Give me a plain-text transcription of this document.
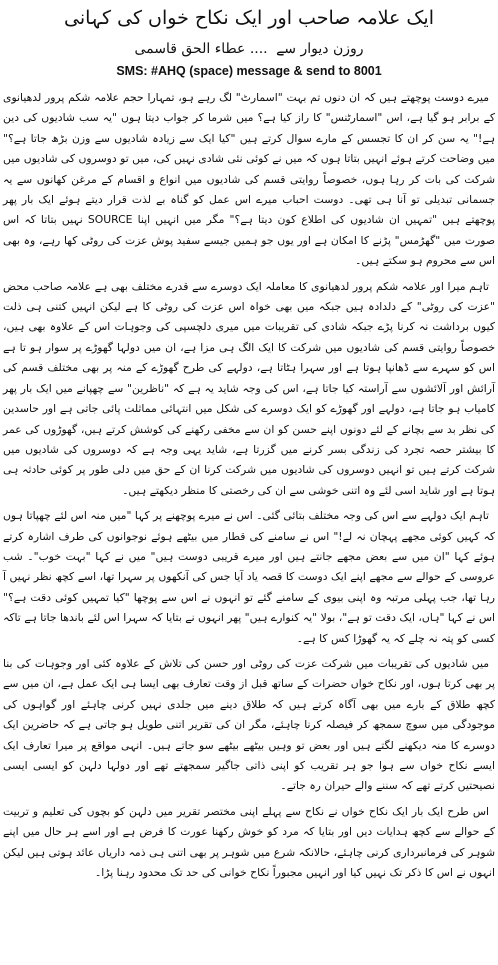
ایک علامہ صاحب اور ایک نکاح خواں کی کہانی
روزن دیوار سے .... عطاء الحق قاسمی
SMS: #AHQ (space) message & send to 8001

میرے دوست پوچھتے ہیں کہ ان دنوں تم بہت "اسمارٹ" لگ رہے ہو، تمہارا حجم علامہ شکم پرور لدھیانوی کے برابر ہو گیا ہے، اس "اسمارٹنس" کا راز کیا ہے؟ میں شرما کر جواب دیتا ہوں "یہ سب شادیوں کی دین ہے!" یہ سن کر ان کا تجسس کے مارے سوال کرتے ہیں "کیا ایک سے زیادہ شادیوں سے وزن بڑھ جاتا ہے؟" میں وضاحت کرتے ہوئے انہیں بتاتا ہوں کہ میں نے کوئی نئی شادی نہیں کی، میں تو دوسروں کی شادیوں میں شرکت کی بات کر رہا ہوں، خصوصاً روایتی قسم کی شادیوں میں انواع و اقسام کے مرغن کھانوں سے یہ جسمانی تبدیلی تو آنا ہی تھی۔ دوست احباب میرے اس عمل کو گناہ بے لذت قرار دیتے ہوئے ایک بار پھر پوچھتے ہیں "تمہیں ان شادیوں کی اطلاع کون دیتا ہے؟" مگر میں انہیں اپنا SOURCE نہیں بتاتا کہ اس صورت میں "گھڑمس" پڑنے کا امکان ہے اور یوں جو ہمیں جیسے سفید پوش عزت کی روٹی کھا رہے، وہ بھی اس سے محروم ہو سکتے ہیں۔

تاہم میرا اور علامہ شکم پرور لدھیانوی کا معاملہ ایک دوسرے سے قدرے مختلف بھی ہے علامہ صاحب محض "عزت کی روٹی" کے دلدادہ ہیں جبکہ میں بھی خواہ اس عزت کی روٹی کا ہے لیکن انہیں کتنی ہی ذلت کیوں برداشت نہ کرنا پڑے جبکہ شادی کی تقریبات میں میری دلچسپی کی وجوہات اس کے علاوہ بھی ہیں، خصوصاً روایتی قسم کی شادیوں میں شرکت کا ایک الگ ہی مزا ہے، ان میں دولہا گھوڑے پر سوار ہو تا ہے اس کو سہرے سے ڈھانپا ہوتا ہے اور سہرا ہٹاتا ہے، دولہے کی طرح گھوڑے کے منہ پر بھی مختلف قسم کی آرائش اور آلائشوں سے آراستہ کیا جاتا ہے، اس کی وجہ شاید یہ ہے کہ "ناظرین" سے چھپانے میں ایک بار پھر کامیاب ہو جاتا ہے، دولہے اور گھوڑے کو ایک دوسرے کی شکل میں انتہائی مماثلت پائی جاتی ہے اور حاسدین کی نظر بد سے بچانے کے لئے دونوں اپنے حسن کو ان سے مخفی رکھنے کی کوشش کرتے ہیں، گھوڑوں کی عمر کا بیشتر حصہ تجرد کی زندگی بسر کرنے میں گزرتا ہے، شاید یہی وجہ ہے کہ دوسروں کی شادیوں میں شرکت کرتے ہیں تو انہیں دوسروں کی شادیوں میں شرکت کرنا ان کے حق میں دلی طور پر کوئی حادثہ ہی ہوتا ہے اور شاید اسی لئے وہ اتنی خوشی سے ان کی رخصتی کا منظر دیکھتے ہیں۔

تاہم ایک دولہے سے اس کی وجہ مختلف بتائی گئی۔ اس نے میرے پوچھنے پر کہا "میں منہ اس لئے چھپاتا ہوں کہ کہیں کوئی مجھے پہچان نہ لے!" اس نے سامنے کی قطار میں بیٹھے ہوئے نوجوانوں کی طرف اشارہ کرتے ہوئے کہا "ان میں سے بعض مجھے جانتے ہیں اور میرے قریبی دوست ہیں" میں نے کہا "بہت خوب"۔ شب عروسی کے حوالے سے مجھے اپنے ایک دوست کا قصہ یاد آیا جس کی آنکھوں پر سہرا تھا، اسے کچھ نظر نہیں آ رہا تھا، جب پہلی مرتبہ وہ اپنی بیوی کے سامنے گئے تو انہوں نے اس سے پوچھا "کیا تمہیں کوئی دقت ہے؟" اس نے کہا "ہاں، ایک دقت تو ہے"، بولا "یہ کنوارے ہیں" پھر انہوں نے بتایا کہ سہرا اس لئے باندھا جاتا ہے تاکہ کسی کو پتہ نہ چلے کہ یہ گھوڑا کس کا ہے۔

میں شادیوں کی تقریبات میں شرکت عزت کی روٹی اور حسن کی تلاش کے علاوہ کئی اور وجوہات کی بنا پر بھی کرتا ہوں، اور نکاح خواں حضرات کے ساتھ قبل از وقت تعارف بھی ایسا ہی ایک عمل ہے، ان میں سے کچھ طلاق کے بارے میں بھی آگاہ کرتے ہیں کہ طلاق دینے میں جلدی نہیں کرنی چاہئے اور گواہوں کی موجودگی میں سوچ سمجھ کر فیصلہ کرنا چاہئے، مگر ان کی تقریر اتنی طویل ہو جاتی ہے کہ حاضرین ایک دوسرے کا منہ دیکھنے لگتے ہیں اور بعض تو وہیں بیٹھے بیٹھے سو جاتے ہیں۔ انہی مواقع پر میرا تعارف ایک ایسے نکاح خواں سے ہوا جو ہر تقریب کو اپنی ذاتی جاگیر سمجھتے تھے اور دولہا دلہن کو ایسی ایسی نصیحتیں کرتے تھے کہ سننے والے حیران رہ جاتے۔

اس طرح ایک بار ایک نکاح خواں نے نکاح سے پہلے اپنی مختصر تقریر میں دلہن کو بچوں کی تعلیم و تربیت کے حوالے سے کچھ ہدایات دیں اور بتایا کہ مرد کو خوش رکھنا عورت کا فرض ہے اور اسے ہر حال میں اپنے شوہر کی فرمانبرداری کرنی چاہئے، حالانکہ شرع میں شوہر پر بھی اتنی ہی ذمہ داریاں عائد ہوتی ہیں لیکن انہوں نے اس کا ذکر تک نہیں کیا اور انہیں مجبوراً نکاح خوانی کی حد تک محدود رہنا پڑا۔
